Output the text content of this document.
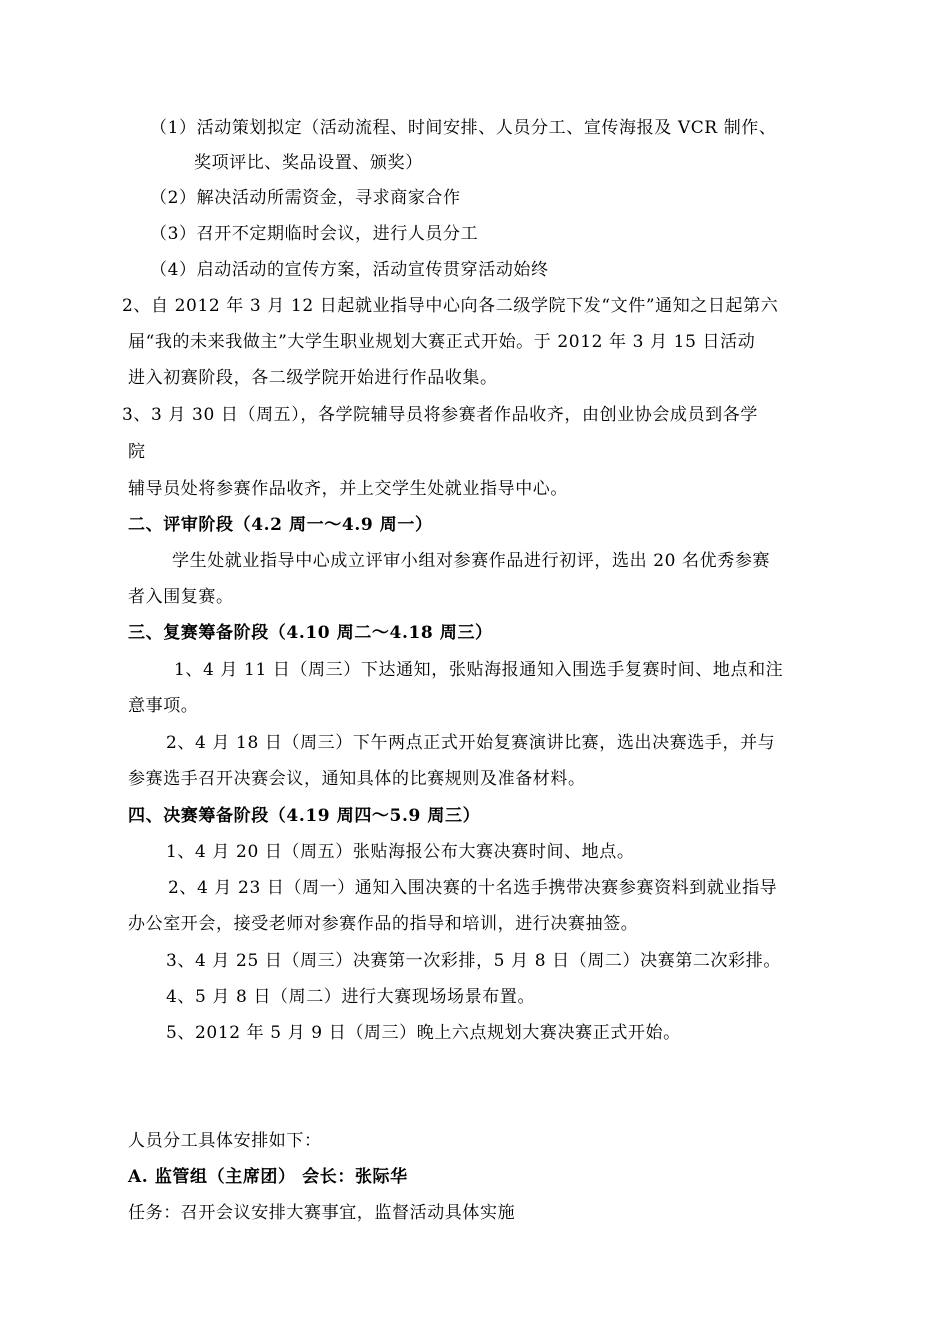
（1）活动策划拟定（活动流程、时间安排、人员分工、宣传海报及 VCR 制作、
奖项评比、奖品设置、颁奖）
（2）解决活动所需资金，寻求商家合作
（3）召开不定期临时会议，进行人员分工
（4）启动活动的宣传方案，活动宣传贯穿活动始终
2、自 2012 年 3 月 12 日起就业指导中心向各二级学院下发“文件”通知之日起第六
届“我的未来我做主”大学生职业规划大赛正式开始。于 2012 年 3 月 15 日活动
进入初赛阶段，各二级学院开始进行作品收集。
3、3 月 30 日（周五），各学院辅导员将参赛者作品收齐，由创业协会成员到各学
院
辅导员处将参赛作品收齐，并上交学生处就业指导中心。
二、评审阶段（4.2 周一～4.9 周一）
学生处就业指导中心成立评审小组对参赛作品进行初评，选出 20 名优秀参赛
者入围复赛。
三、复赛筹备阶段（4.10 周二～4.18 周三）
1、4 月 11 日（周三）下达通知，张贴海报通知入围选手复赛时间、地点和注
意事项。
2、4 月 18 日（周三）下午两点正式开始复赛演讲比赛，选出决赛选手，并与
参赛选手召开决赛会议，通知具体的比赛规则及准备材料。
四、决赛筹备阶段（4.19 周四～5.9 周三）
1、4 月 20 日（周五）张贴海报公布大赛决赛时间、地点。
2、4 月 23 日（周一）通知入围决赛的十名选手携带决赛参赛资料到就业指导
办公室开会，接受老师对参赛作品的指导和培训，进行决赛抽签。
3、4 月 25 日（周三）决赛第一次彩排，5 月 8 日（周二）决赛第二次彩排。
4、5 月 8 日（周二）进行大赛现场场景布置。
5、2012 年 5 月 9 日（周三）晚上六点规划大赛决赛正式开始。
人员分工具体安排如下：
A. 监管组（主席团） 会长：张际华
任务：召开会议安排大赛事宜，监督活动具体实施
